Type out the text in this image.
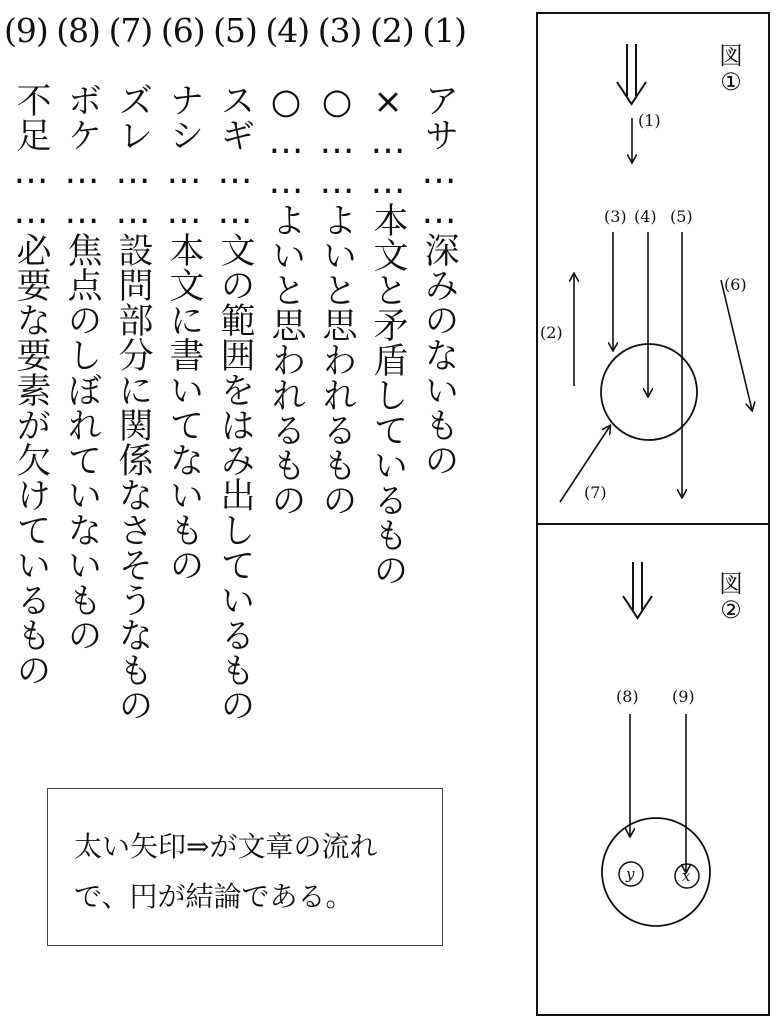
(9) (8) (7) (6) (5) (4) (3) (2) (1)
アサ……深みのないもの
×……本文と矛盾しているもの
○……よいと思われるもの
○……よいと思われるもの
スギ……文の範囲をはみ出しているもの
ナシ……本文に書いてないもの
ズレ……設問部分に関係なさそうなもの
ボケ……焦点のしぼれていないもの
不足……必要な要素が欠けているもの
太い矢印⇒が文章の流れ
で、円が結論である。
図
①
図
②
(1)
(3) (4) (5)
(2)
(6)
(7)
(8) (9)
y	x
